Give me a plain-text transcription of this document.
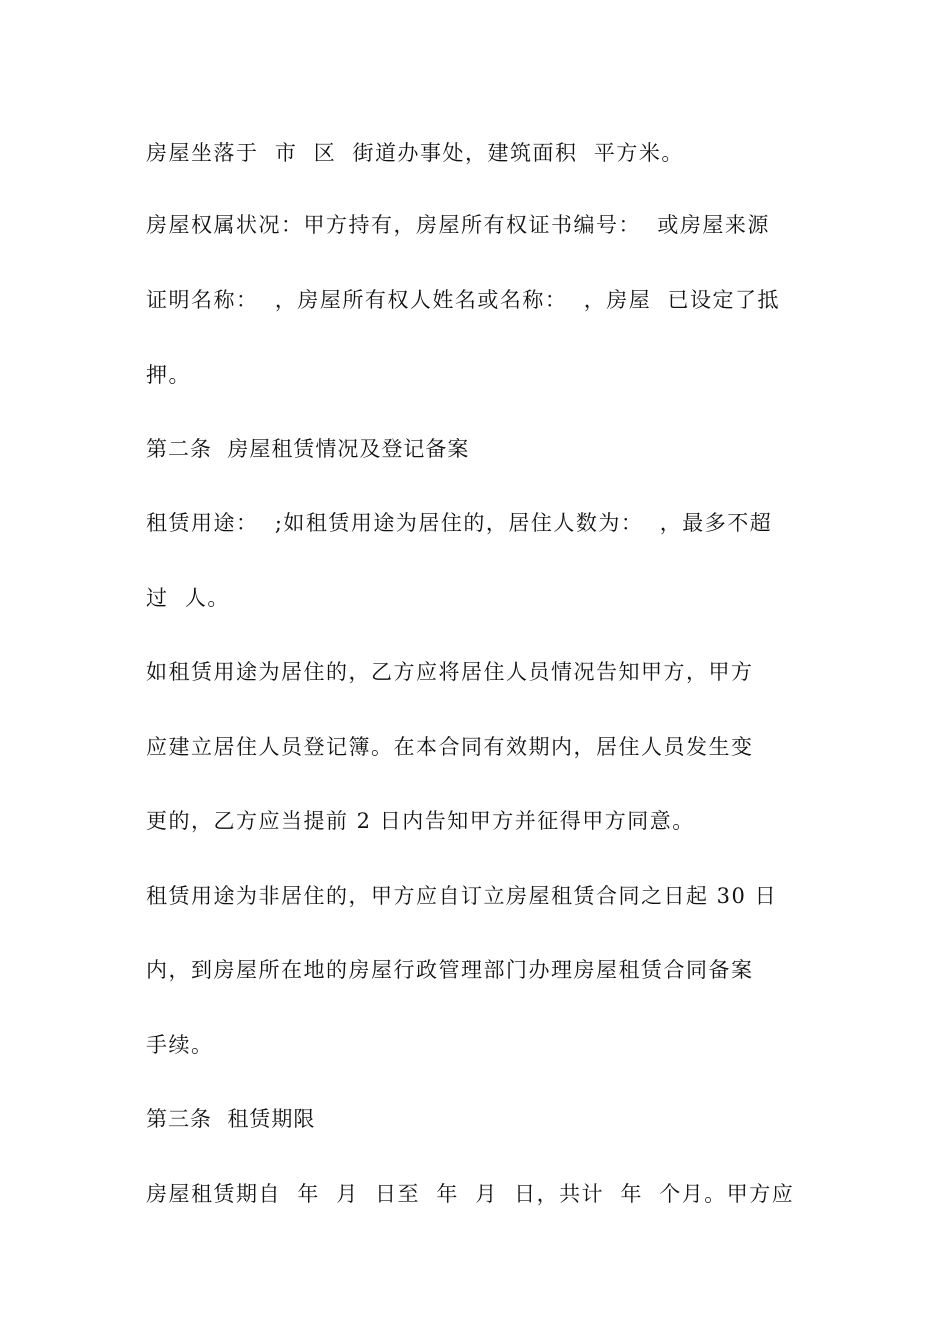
房屋坐落于  市  区  街道办事处，建筑面积  平方米。
房屋权属状况：甲方持有，房屋所有权证书编号：  或房屋来源
证明名称：  ，房屋所有权人姓名或名称：  ，房屋  已设定了抵
押。
第二条  房屋租赁情况及登记备案
租赁用途：  ;如租赁用途为居住的，居住人数为：  ，最多不超
过  人。
如租赁用途为居住的，乙方应将居住人员情况告知甲方，甲方
应建立居住人员登记簿。在本合同有效期内，居住人员发生变
更的，乙方应当提前 2 日内告知甲方并征得甲方同意。
租赁用途为非居住的，甲方应自订立房屋租赁合同之日起 30 日
内，到房屋所在地的房屋行政管理部门办理房屋租赁合同备案
手续。
第三条  租赁期限
房屋租赁期自  年  月  日至  年  月  日，共计  年  个月。甲方应
